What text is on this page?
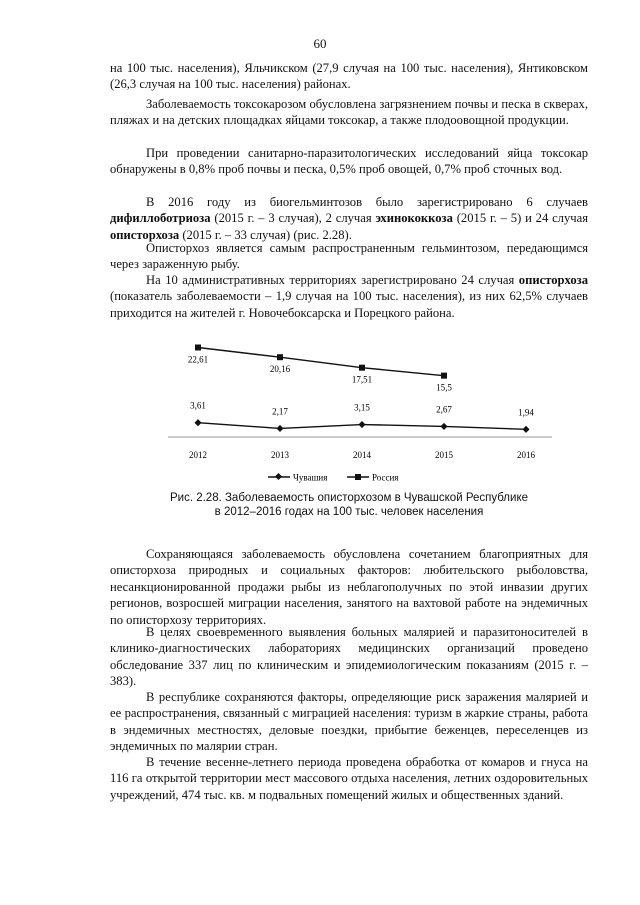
60

на 100 тыс. населения), Яльчикском (27,9 случая на 100 тыс. населения), Янтиковском (26,3 случая на 100 тыс. населения) районах.

Заболеваемость токсокарозом обусловлена загрязнением почвы и песка в скверах, пляжах и на детских площадках яйцами токсокар, а также плодоовощной продукции.

При проведении санитарно-паразитологических исследований яйца токсокар обнаружены в 0,8% проб почвы и песка, 0,5% проб овощей, 0,7% проб сточных вод.

В 2016 году из биогельминтозов было зарегистрировано 6 случаев дифиллоботриоза (2015 г. – 3 случая), 2 случая эхинококкоза (2015 г. – 5) и 24 случая описторхоза (2015 г. – 33 случая) (рис. 2.28).

Описторхоз является самым распространенным гельминтозом, передающимся через зараженную рыбу.

На 10 административных территориях зарегистрировано 24 случая описторхоза (показатель заболеваемости – 1,9 случая на 100 тыс. населения), из них 62,5% случаев приходится на жителей г. Новочебоксарска и Порецкого района.

2012	2013	2014	2015	2016
3,61
2,17	3,15	2,67	1,94
22,61
20,16
17,51
15,5
Чувашия	Россия
Рис. 2.28. Заболеваемость описторхозом в Чувашской Республике
в 2012–2016 годах на 100 тыс. человек населения

Сохраняющаяся заболеваемость обусловлена сочетанием благоприятных для описторхоза природных и социальных факторов: любительского рыболовства, несанкционированной продажи рыбы из неблагополучных по этой инвазии других регионов, возросшей миграции населения, занятого на вахтовой работе на эндемичных по описторхозу территориях.

В целях своевременного выявления больных малярией и паразитоносителей в клинико-диагностических лабораториях медицинских организаций проведено обследование 337 лиц по клиническим и эпидемиологическим показаниям (2015 г. – 383).

В республике сохраняются факторы, определяющие риск заражения малярией и ее распространения, связанный с миграцией населения: туризм в жаркие страны, работа в эндемичных местностях, деловые поездки, прибытие беженцев, переселенцев из эндемичных по малярии стран.

В течение весенне-летнего периода проведена обработка от комаров и гнуса на 116 га открытой территории мест массового отдыха населения, летних оздоровительных учреждений, 474 тыс. кв. м подвальных помещений жилых и общественных зданий.
